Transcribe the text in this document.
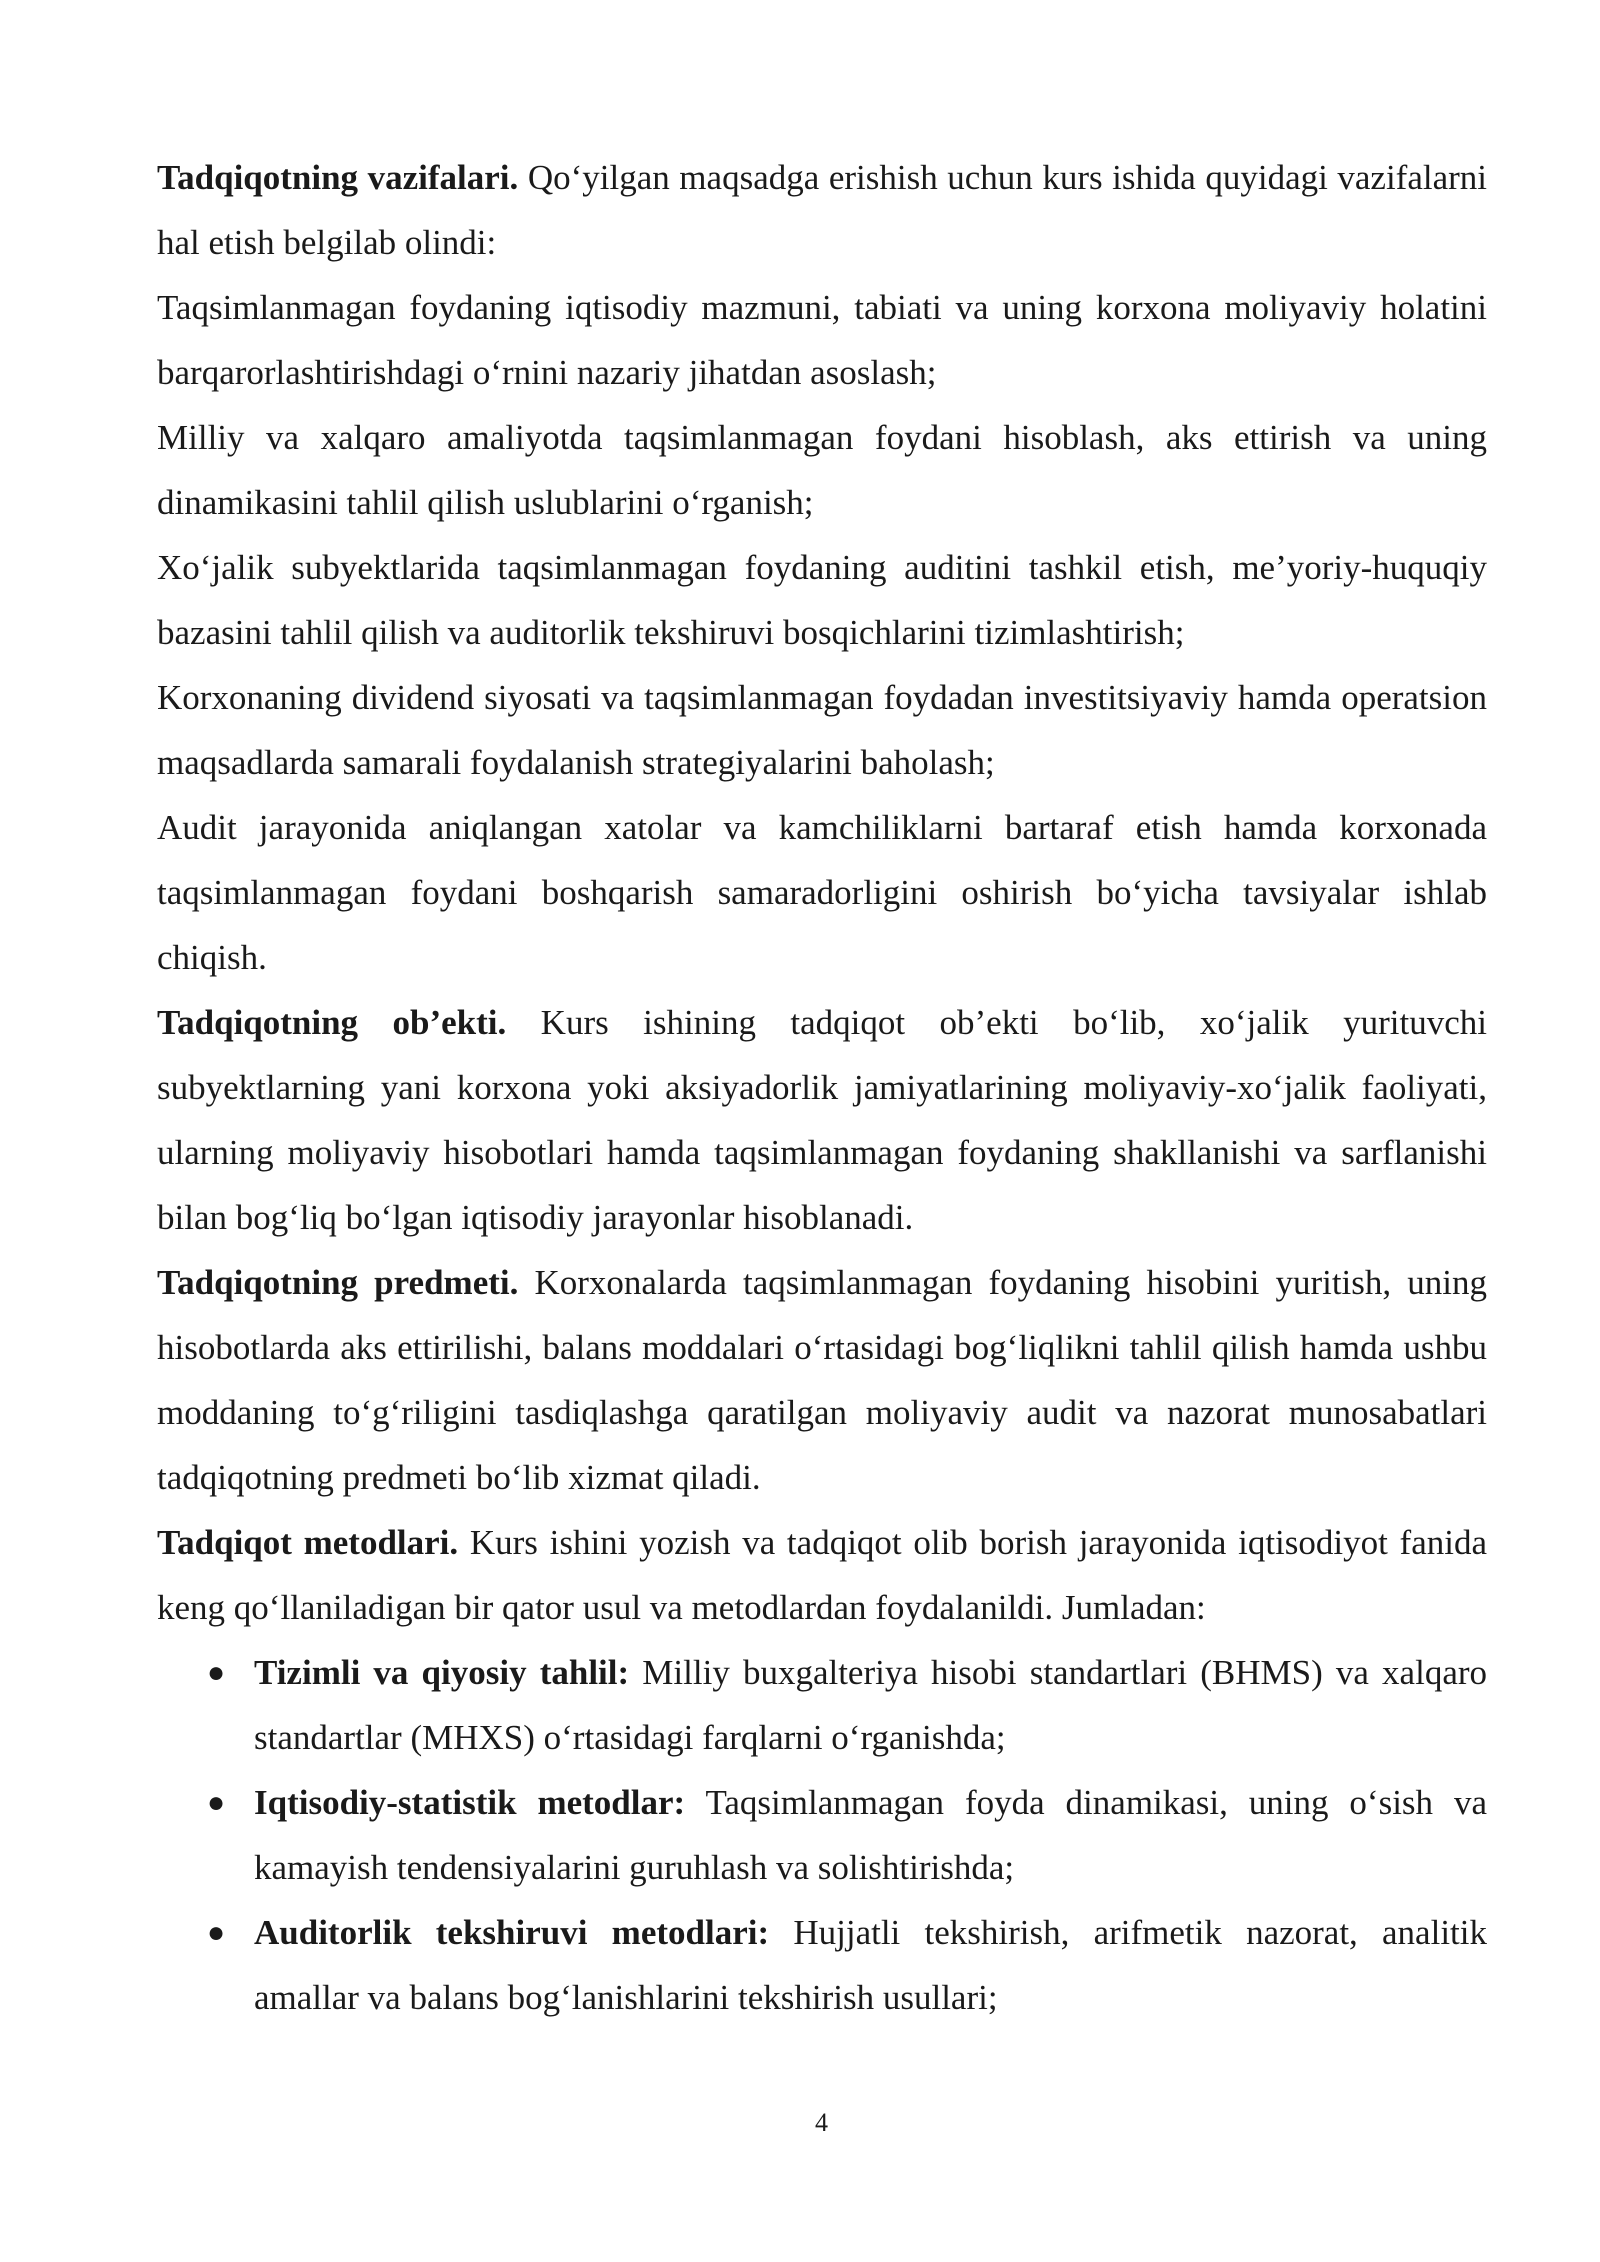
Tadqiqotning vazifalari. Qo‘yilgan maqsadga erishish uchun kurs ishida quyidagi vazifalarni hal etish belgilab olindi:

Taqsimlanmagan foydaning iqtisodiy mazmuni, tabiati va uning korxona moliyaviy holatini barqarorlashtirishdagi o‘rnini nazariy jihatdan asoslash;

Milliy va xalqaro amaliyotda taqsimlanmagan foydani hisoblash, aks ettirish va uning dinamikasini tahlil qilish uslublarini o‘rganish;

Xo‘jalik subyektlarida taqsimlanmagan foydaning auditini tashkil etish, me’yoriy-huquqiy bazasini tahlil qilish va auditorlik tekshiruvi bosqichlarini tizimlashtirish;

Korxonaning dividend siyosati va taqsimlanmagan foydadan investitsiyaviy hamda operatsion maqsadlarda samarali foydalanish strategiyalarini baholash;

Audit jarayonida aniqlangan xatolar va kamchiliklarni bartaraf etish hamda korxonada taqsimlanmagan foydani boshqarish samaradorligini oshirish bo‘yicha tavsiyalar ishlab chiqish.

Tadqiqotning ob’ekti. Kurs ishining tadqiqot ob’ekti bo‘lib, xo‘jalik yurituvchi subyektlarning yani korxona yoki aksiyadorlik jamiyatlarining moliyaviy-xo‘jalik faoliyati, ularning moliyaviy hisobotlari hamda taqsimlanmagan foydaning shakllanishi va sarflanishi bilan bog‘liq bo‘lgan iqtisodiy jarayonlar hisoblanadi.

Tadqiqotning predmeti. Korxonalarda taqsimlanmagan foydaning hisobini yuritish, uning hisobotlarda aks ettirilishi, balans moddalari o‘rtasidagi bog‘liqlikni tahlil qilish hamda ushbu moddaning to‘g‘riligini tasdiqlashga qaratilgan moliyaviy audit va nazorat munosabatlari tadqiqotning predmeti bo‘lib xizmat qiladi.

Tadqiqot metodlari. Kurs ishini yozish va tadqiqot olib borish jarayonida iqtisodiyot fanida keng qo‘llaniladigan bir qator usul va metodlardan foydalanildi. Jumladan:

● Tizimli va qiyosiy tahlil: Milliy buxgalteriya hisobi standartlari (BHMS) va xalqaro standartlar (MHXS) o‘rtasidagi farqlarni o‘rganishda;
● Iqtisodiy-statistik metodlar: Taqsimlanmagan foyda dinamikasi, uning o‘sish va kamayish tendensiyalarini guruhlash va solishtirishda;
● Auditorlik tekshiruvi metodlari: Hujjatli tekshirish, arifmetik nazorat, analitik amallar va balans bog‘lanishlarini tekshirish usullari;
4
